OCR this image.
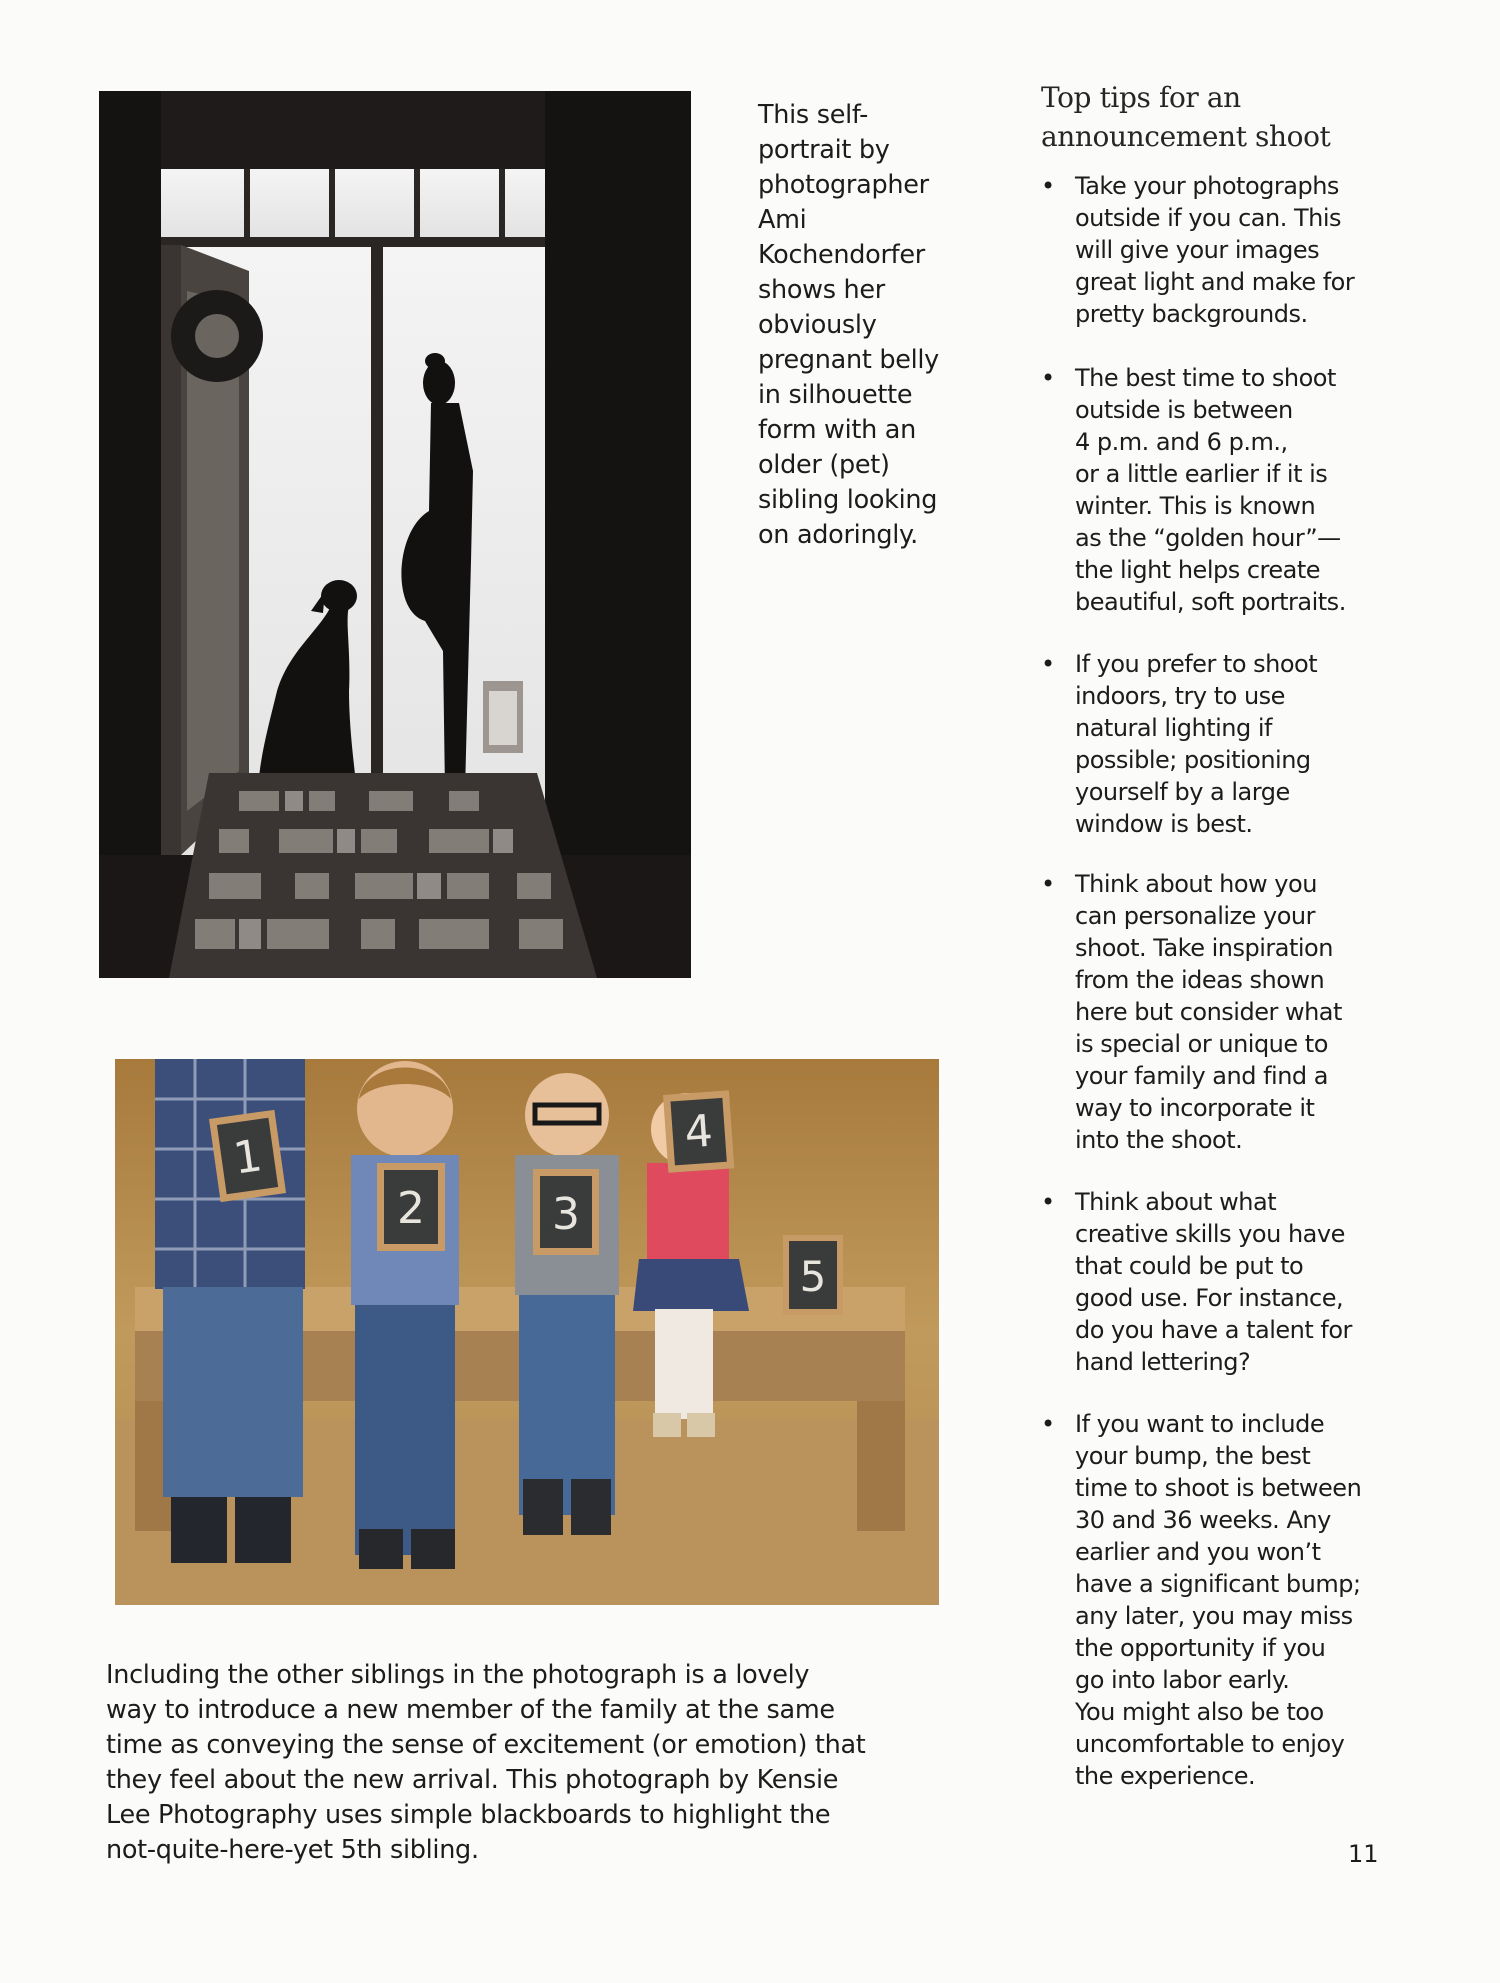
1
2	3
4
5

This self-
portrait by
photographer
Ami
Kochendorfer
shows her
obviously
pregnant belly
in silhouette
form with an
older (pet)
sibling looking
on adoringly.

Including the other siblings in the photograph is a lovely
way to introduce a new member of the family at the same
time as conveying the sense of excitement (or emotion) that
they feel about the new arrival. This photograph by Kensie
Lee Photography uses simple blackboards to highlight the
not-quite-here-yet 5th sibling.

Top tips for an
announcement shoot
• Take your photographs
outside if you can. This
will give your images
great light and make for
pretty backgrounds.
• The best time to shoot
outside is between
4 p.m. and 6 p.m.,
or a little earlier if it is
winter. This is known
as the “golden hour”—
the light helps create
beautiful, soft portraits.
• If you prefer to shoot
indoors, try to use
natural lighting if
possible; positioning
yourself by a large
window is best.
• Think about how you
can personalize your
shoot. Take inspiration
from the ideas shown
here but consider what
is special or unique to
your family and find a
way to incorporate it
into the shoot.
• Think about what
creative skills you have
that could be put to
good use. For instance,
do you have a talent for
hand lettering?
• If you want to include
your bump, the best
time to shoot is between
30 and 36 weeks. Any
earlier and you won’t
have a significant bump;
any later, you may miss
the opportunity if you
go into labor early.
You might also be too
uncomfortable to enjoy
the experience.
11
